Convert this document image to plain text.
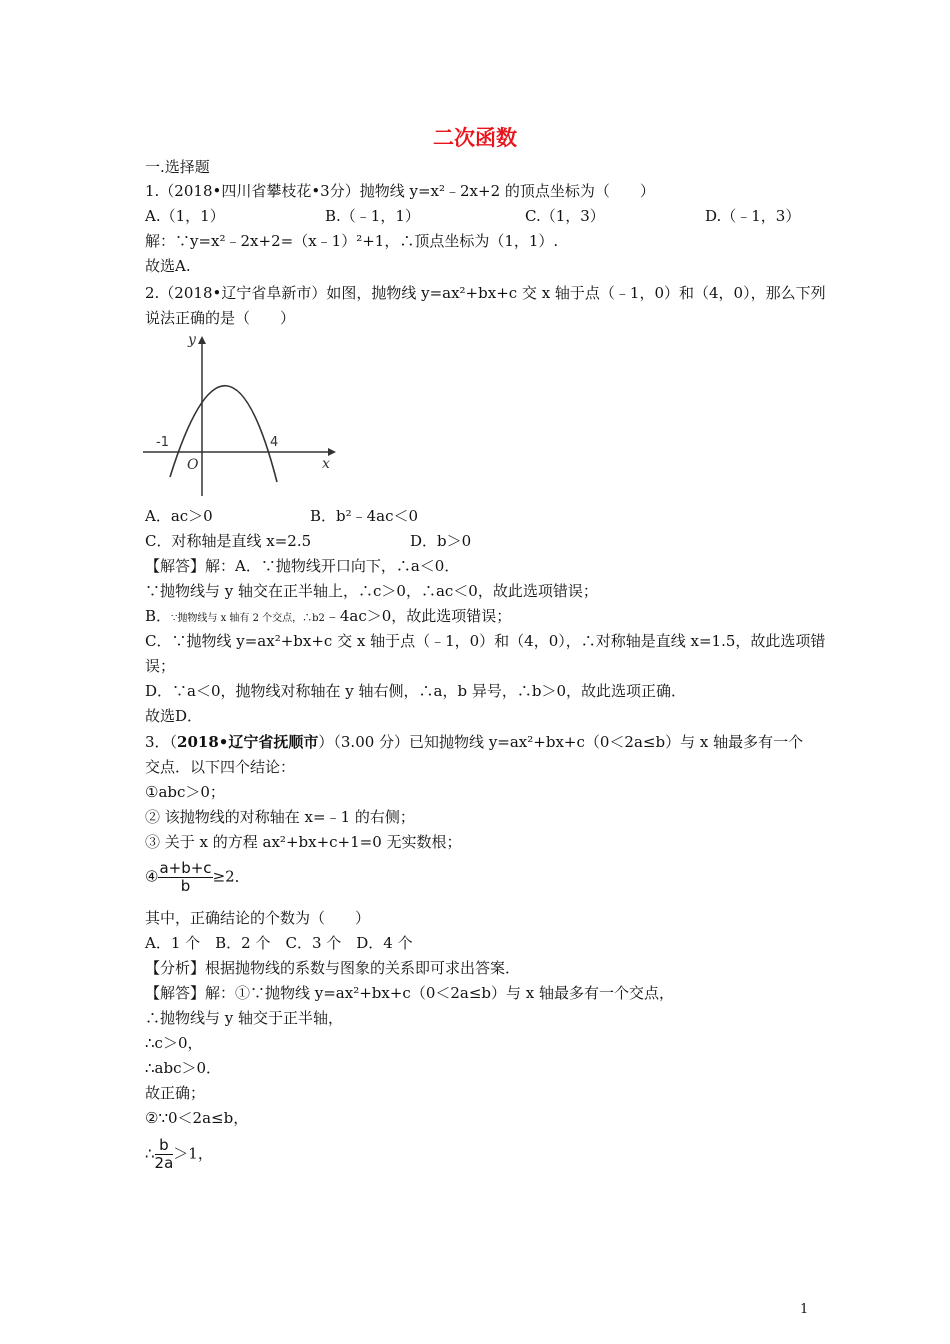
二次函数
一.选择题
1.（2018•四川省攀枝花•3分）抛物线 y=x²﹣2x+2 的顶点坐标为（　　）
A.（1，1）	B.（﹣1，1）	C.（1，3）	D.（﹣1，3）
解：∵y=x²﹣2x+2=（x﹣1）²+1，∴顶点坐标为（1，1）.
故选A.
2.（2018•辽宁省阜新市）如图，抛物线 y=ax²+bx+c 交 x 轴于点（﹣1，0）和（4，0），那么下列
说法正确的是（　　）
y
x
O
-1	4
A．ac＞0	B．b²﹣4ac＜0
C．对称轴是直线 x=2.5	D．b＞0
【解答】解：A．∵抛物线开口向下，∴a＜0．
∵抛物线与 y 轴交在正半轴上，∴c＞0，∴ac＜0，故此选项错误；
B．∵抛物线与 x 轴有 2 个交点，∴b2﹣4ac＞0，故此选项错误；
C．∵抛物线 y=ax²+bx+c 交 x 轴于点（﹣1，0）和（4，0），∴对称轴是直线 x=1.5，故此选项错
误；
D．∵a＜0，抛物线对称轴在 y 轴右侧，∴a，b 异号，∴b＞0，故此选项正确．
故选D．
3．（2018•辽宁省抚顺市）（3.00 分）已知抛物线 y=ax²+bx+c（0＜2a≤b）与 x 轴最多有一个
交点．以下四个结论：
①abc＞0；
② 该抛物线的对称轴在 x=﹣1 的右侧；
③ 关于 x 的方程 ax²+bx+c+1=0 无实数根；
④ $\frac{a+b+c}{b} \ge 2$．
其中，正确结论的个数为（　　）
A．1 个　B．2 个　C．3 个　D．4 个
【分析】根据抛物线的系数与图象的关系即可求出答案．
【解答】解：①∵抛物线 y=ax²+bx+c（0＜2a≤b）与 x 轴最多有一个交点，
∴抛物线与 y 轴交于正半轴，
∴c＞0，
∴abc＞0．
故正确；
②∵0＜2a≤b，
∴ $\frac{b}{2a} >1$，
1
